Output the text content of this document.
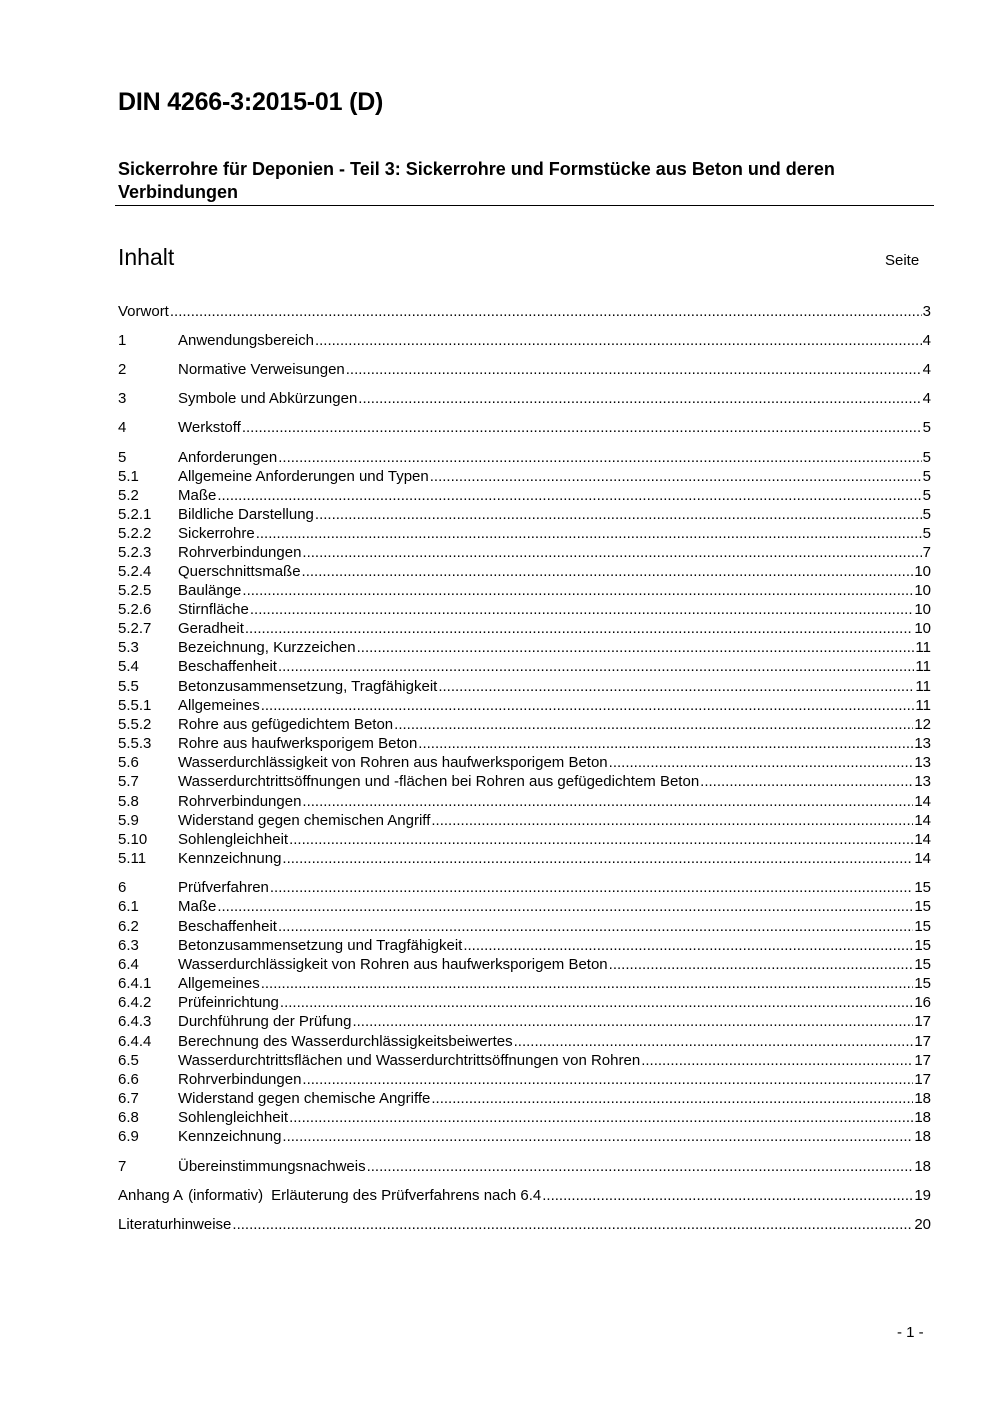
DIN 4266-3:2015-01 (D)
Sickerrohre für Deponien - Teil 3: Sickerrohre und Formstücke aus Beton und deren Verbindungen
Inhalt	Seite
Vorwort .....	3
1	Anwendungsbereich .....	4
2	Normative Verweisungen .....	4
3	Symbole und Abkürzungen .....	4
4	Werkstoff .....	5
5	Anforderungen .....	5
5.1	Allgemeine Anforderungen und Typen .....	5
5.2	Maße .....	5
5.2.1	Bildliche Darstellung .....	5
5.2.2	Sickerrohre .....	5
5.2.3	Rohrverbindungen .....	7
5.2.4	Querschnittsmaße .....	10
5.2.5	Baulänge .....	10
5.2.6	Stirnfläche .....	10
5.2.7	Geradheit .....	10
5.3	Bezeichnung, Kurzzeichen .....	11
5.4	Beschaffenheit .....	11
5.5	Betonzusammensetzung, Tragfähigkeit .....	11
5.5.1	Allgemeines .....	11
5.5.2	Rohre aus gefügedichtem Beton .....	12
5.5.3	Rohre aus haufwerksporigem Beton .....	13
5.6	Wasserdurchlässigkeit von Rohren aus haufwerksporigem Beton .....	13
5.7	Wasserdurchtrittsöffnungen und -flächen bei Rohren aus gefügedichtem Beton .....	13
5.8	Rohrverbindungen .....	14
5.9	Widerstand gegen chemischen Angriff .....	14
5.10	Sohlengleichheit .....	14
5.11	Kennzeichnung .....	14
6	Prüfverfahren .....	15
6.1	Maße .....	15
6.2	Beschaffenheit .....	15
6.3	Betonzusammensetzung und Tragfähigkeit .....	15
6.4	Wasserdurchlässigkeit von Rohren aus haufwerksporigem Beton .....	15
6.4.1	Allgemeines .....	15
6.4.2	Prüfeinrichtung .....	16
6.4.3	Durchführung der Prüfung .....	17
6.4.4	Berechnung des Wasserdurchlässigkeitsbeiwertes .....	17
6.5	Wasserdurchtrittsflächen und Wasserdurchtrittsöffnungen von Rohren .....	17
6.6	Rohrverbindungen .....	17
6.7	Widerstand gegen chemische Angriffe .....	18
6.8	Sohlengleichheit .....	18
6.9	Kennzeichnung .....	18
7	Übereinstimmungsnachweis .....	18
Anhang A (informativ) Erläuterung des Prüfverfahrens nach 6.4 .....	19
Literaturhinweise .....	20
- 1 -
